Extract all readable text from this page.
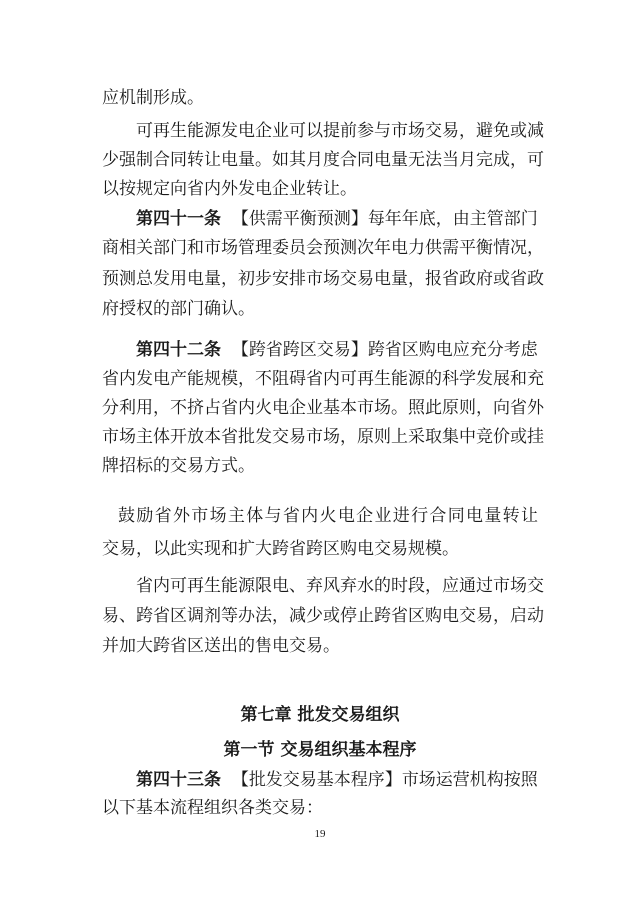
应机制形成。
可再生能源发电企业可以提前参与市场交易，避免或减
少强制合同转让电量。如其月度合同电量无法当月完成，可
以按规定向省内外发电企业转让。
第四十一条 【供需平衡预测】每年年底，由主管部门
商相关部门和市场管理委员会预测次年电力供需平衡情况，
预测总发用电量，初步安排市场交易电量，报省政府或省政
府授权的部门确认。
第四十二条 【跨省跨区交易】跨省区购电应充分考虑
省内发电产能规模，不阻碍省内可再生能源的科学发展和充
分利用，不挤占省内火电企业基本市场。照此原则，向省外
市场主体开放本省批发交易市场，原则上采取集中竞价或挂
牌招标的交易方式。
鼓励省外市场主体与省内火电企业进行合同电量转让
交易，以此实现和扩大跨省跨区购电交易规模。
省内可再生能源限电、弃风弃水的时段，应通过市场交
易、跨省区调剂等办法，减少或停止跨省区购电交易，启动
并加大跨省区送出的售电交易。
第七章 批发交易组织
第一节 交易组织基本程序
第四十三条 【批发交易基本程序】市场运营机构按照
以下基本流程组织各类交易：
19
